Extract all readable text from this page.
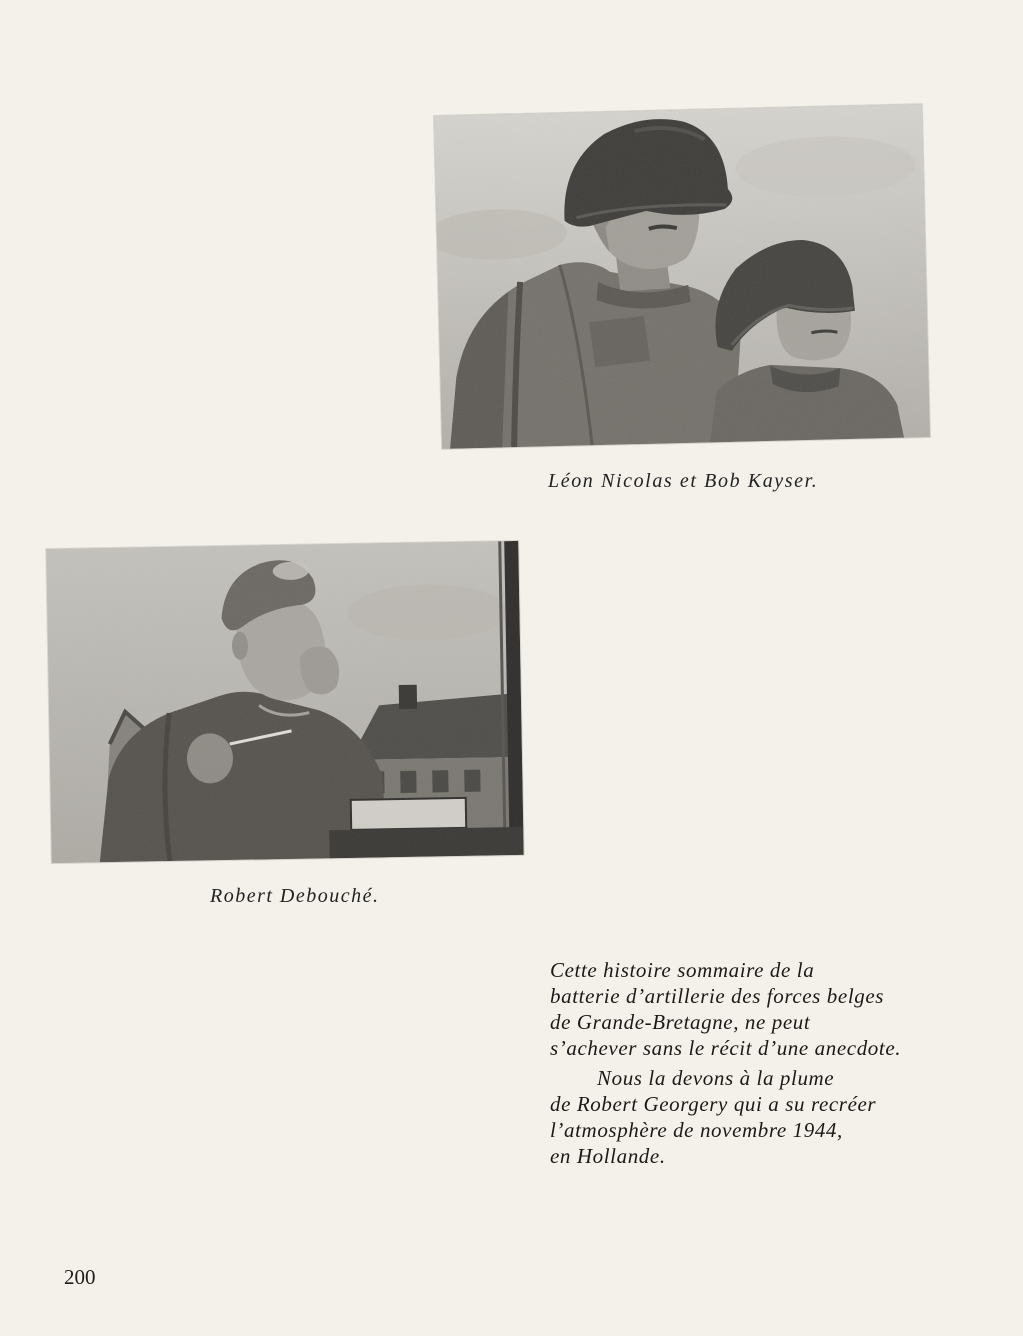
Léon Nicolas et Bob Kayser.
Robert Debouché.
Cette histoire sommaire de la
batterie d’artillerie des forces belges
de Grande-Bretagne, ne peut
s’achever sans le récit d’une anecdote.
Nous la devons à la plume
de Robert Georgery qui a su recréer
l’atmosphère de novembre 1944,
en Hollande.
200
